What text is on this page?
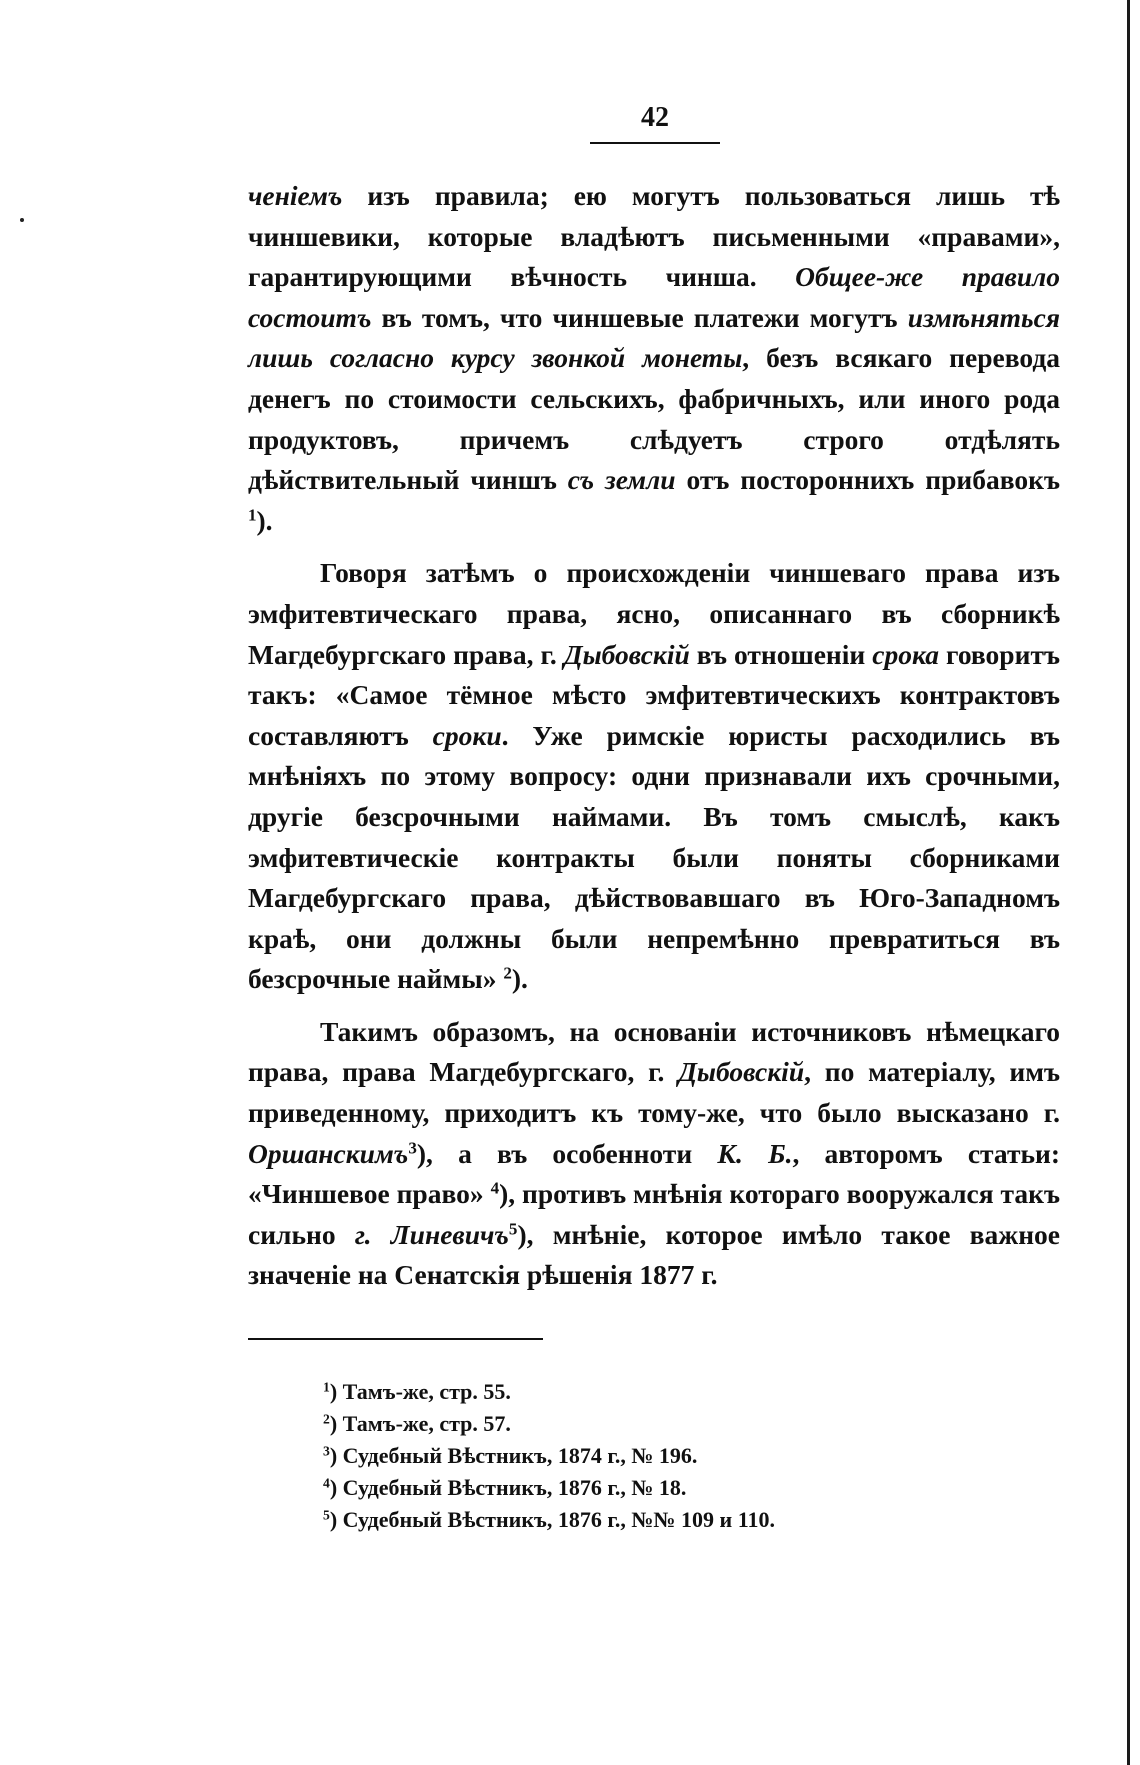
42

ченіемъ изъ правила; ею могутъ пользоваться лишь тѣ чиншевики, которые владѣютъ письменными «правами», гарантирующими вѣчность чинша. Общее-же правило состоитъ въ томъ, что чиншевые платежи могутъ измѣняться лишь согласно курсу звонкой монеты, безъ всякаго перевода денегъ по стоимости сельскихъ, фабричныхъ, или иного рода продуктовъ, причемъ слѣдуетъ строго отдѣлять дѣйствительный чиншъ съ земли отъ постороннихъ прибавокъ $^1$).

Говоря затѣмъ о происхожденіи чиншеваго права изъ эмфитевтическаго права, ясно, описаннаго въ сборникѣ Магдебургскаго права, г. Дыбовскій въ отношеніи срока говоритъ такъ: «Самое тёмное мѣсто эмфитевтическихъ контрактовъ составляютъ сроки. Уже римскіе юристы расходились въ мнѣніяхъ по этому вопросу: одни признавали ихъ срочными, другіе безсрочными наймами. Въ томъ смыслѣ, какъ эмфитевтическіе контракты были поняты сборниками Магдебургскаго права, дѣйствовавшаго въ Юго-Западномъ краѣ, они должны были непремѣнно превратиться въ безсрочные наймы» $^2$).

Такимъ образомъ, на основаніи источниковъ нѣмецкаго права, права Магдебургскаго, г. Дыбовскій, по матеріалу, имъ приведенному, приходитъ къ тому-же, что было высказано г. Оршанскимъ$^3$), а въ особенноти К. Б., авторомъ статьи: «Чиншевое право» $^4$), противъ мнѣнія котораго вооружался такъ сильно г. Линевичъ$^5$), мнѣніе, которое имѣло такое важное значеніе на Сенатскія рѣшенія 1877 г.

$^1$) Тамъ-же, стр. 55.
$^2$) Тамъ-же, стр. 57.
$^3$) Судебный Вѣстникъ, 1874 г., № 196.
$^4$) Судебный Вѣстникъ, 1876 г., № 18.
$^5$) Судебный Вѣстникъ, 1876 г., №№ 109 и 110.
